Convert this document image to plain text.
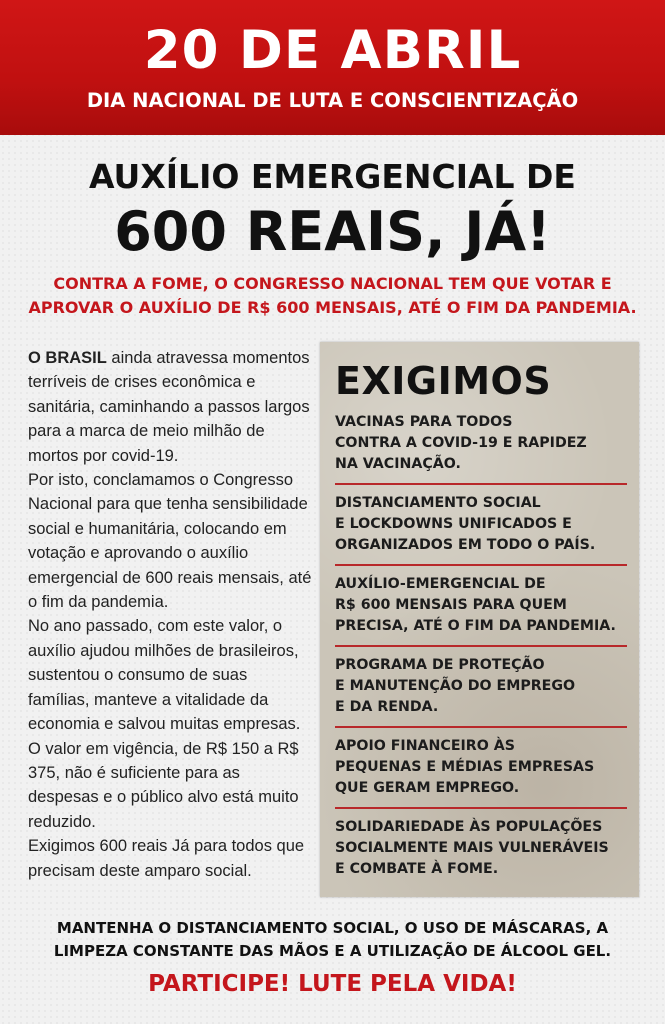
20 DE ABRIL
DIA NACIONAL DE LUTA E CONSCIENTIZAÇÃO
AUXÍLIO EMERGENCIAL DE
600 REAIS, JÁ!
CONTRA A FOME, O CONGRESSO NACIONAL TEM QUE VOTAR E
APROVAR O AUXÍLIO DE R$ 600 MENSAIS, ATÉ O FIM DA PANDEMIA.

O BRASIL ainda atravessa momentos terríveis de crises econômica e sanitária, caminhando a passos largos para a marca de meio milhão de mortos por covid-19.

Por isto, conclamamos o Congresso Nacional para que tenha sensibilidade social e humanitária, colocando em votação e aprovando o auxílio emergencial de 600 reais mensais, até o fim da pandemia.

No ano passado, com este valor, o auxílio ajudou milhões de brasileiros, sustentou o consumo de suas famílias, manteve a vitalidade da economia e salvou muitas empresas.

O valor em vigência, de R$ 150 a R$ 375, não é suficiente para as despesas e o público alvo está muito reduzido.

Exigimos 600 reais Já para todos que precisam deste amparo social.

EXIGIMOS
VACINAS PARA TODOS
CONTRA A COVID-19 E RAPIDEZ
NA VACINAÇÃO.
DISTANCIAMENTO SOCIAL
E LOCKDOWNS UNIFICADOS E
ORGANIZADOS EM TODO O PAÍS.
AUXÍLIO-EMERGENCIAL DE
R$ 600 MENSAIS PARA QUEM
PRECISA, ATÉ O FIM DA PANDEMIA.
PROGRAMA DE PROTEÇÃO
E MANUTENÇÃO DO EMPREGO
E DA RENDA.
APOIO FINANCEIRO ÀS
PEQUENAS E MÉDIAS EMPRESAS
QUE GERAM EMPREGO.
SOLIDARIEDADE ÀS POPULAÇÕES
SOCIALMENTE MAIS VULNERÁVEIS
E COMBATE À FOME.
MANTENHA O DISTANCIAMENTO SOCIAL, O USO DE MÁSCARAS, A
LIMPEZA CONSTANTE DAS MÃOS E A UTILIZAÇÃO DE ÁLCOOL GEL.
PARTICIPE! LUTE PELA VIDA!
